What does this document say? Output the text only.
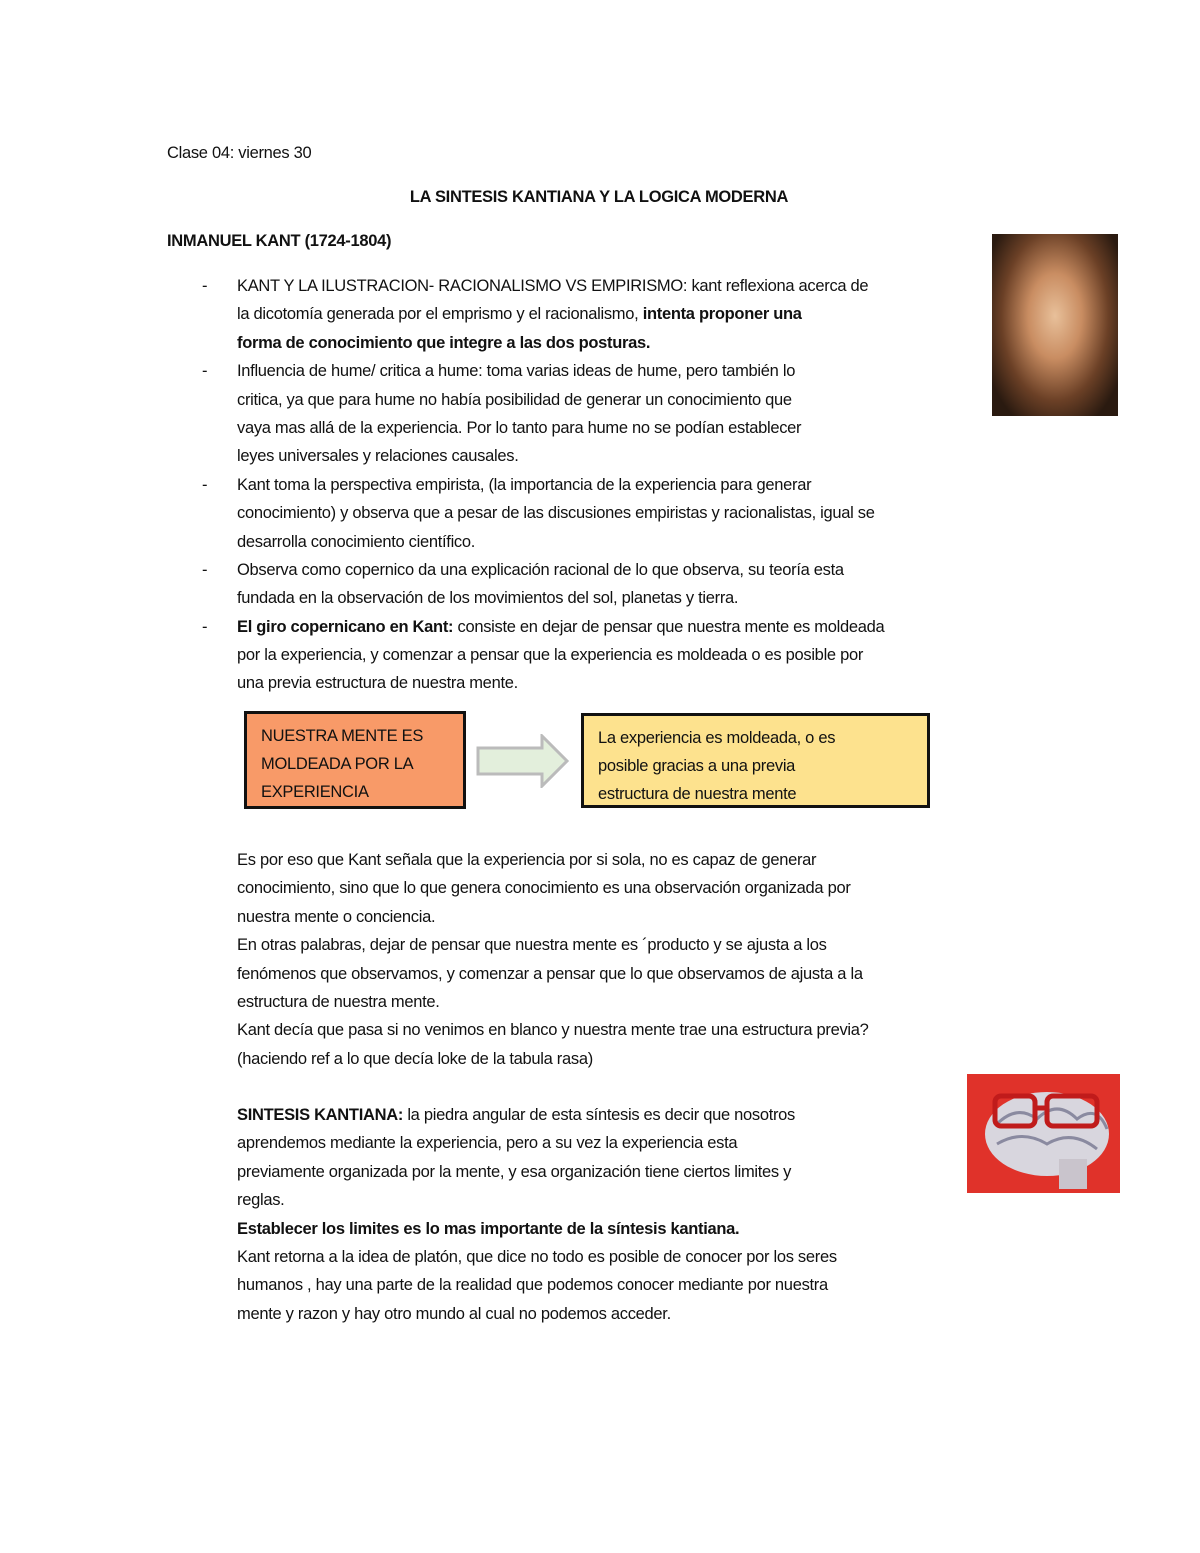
Clase 04: viernes 30
LA SINTESIS KANTIANA Y LA LOGICA MODERNA
INMANUEL KANT (1724-1804)
- KANT Y LA ILUSTRACION- RACIONALISMO VS EMPIRISMO: kant reflexiona acerca de
la dicotomía generada por el emprismo y el racionalismo, intenta proponer una
forma de conocimiento que integre a las dos posturas.
- Influencia de hume/ critica a hume: toma varias ideas de hume, pero también lo
critica, ya que para hume no había posibilidad de generar un conocimiento que
vaya mas allá de la experiencia. Por lo tanto para hume no se podían establecer
leyes universales y relaciones causales.
- Kant toma la perspectiva empirista, (la importancia de la experiencia para generar
conocimiento) y observa que a pesar de las discusiones empiristas y racionalistas, igual se
desarrolla conocimiento científico.
- Observa como copernico da una explicación racional de lo que observa, su teoría esta
fundada en la observación de los movimientos del sol, planetas y tierra.
- El giro copernicano en Kant: consiste en dejar de pensar que nuestra mente es moldeada
por la experiencia, y comenzar a pensar que la experiencia es moldeada o es posible por
una previa estructura de nuestra mente.
NUESTRA MENTE ES
MOLDEADA POR LA
EXPERIENCIA
La experiencia es moldeada, o es
posible gracias a una previa
estructura de nuestra mente
Es por eso que Kant señala que la experiencia por si sola, no es capaz de generar
conocimiento, sino que lo que genera conocimiento es una observación organizada por
nuestra mente o conciencia.
En otras palabras, dejar de pensar que nuestra mente es ´producto y se ajusta a los
fenómenos que observamos, y comenzar a pensar que lo que observamos de ajusta a la
estructura de nuestra mente.
Kant decía que pasa si no venimos en blanco y nuestra mente trae una estructura previa?
(haciendo ref a lo que decía loke de la tabula rasa)
SINTESIS KANTIANA: la piedra angular de esta síntesis es decir que nosotros
aprendemos mediante la experiencia, pero a su vez la experiencia esta
previamente organizada por la mente, y esa organización tiene ciertos limites y
reglas.
Establecer los limites es lo mas importante de la síntesis kantiana.
Kant retorna a la idea de platón, que dice no todo es posible de conocer por los seres
humanos , hay una parte de la realidad que podemos conocer mediante por nuestra
mente y razon y hay otro mundo al cual no podemos acceder.
